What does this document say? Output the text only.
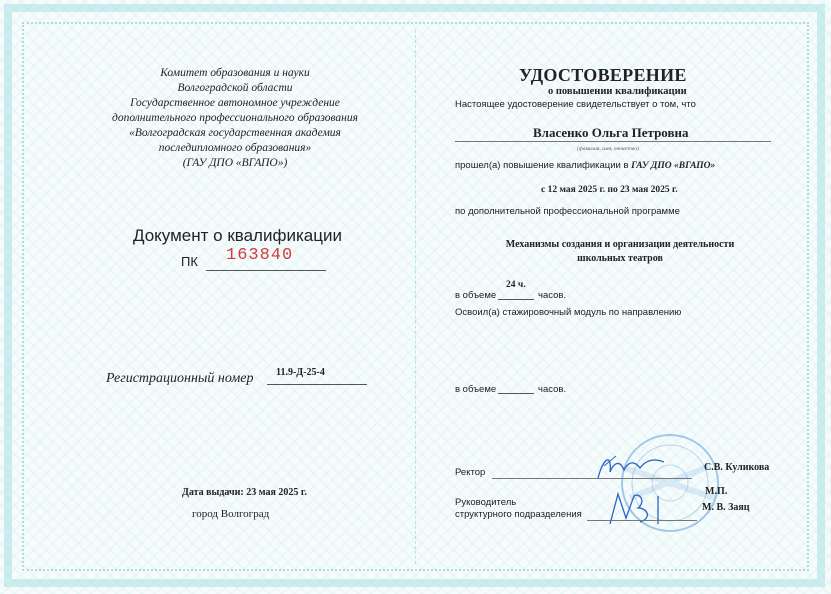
Комитет образования и науки
Волгоградской области
Государственное автономное учреждение
дополнительного профессионального образования
«Волгоградская государственная академия
последипломного образования»
(ГАУ ДПО «ВГАПО»)
Документ о квалификации
ПК 163840
Регистрационный номер 11.9-Д-25-4
Дата выдачи: 23 мая 2025 г.
город Волгоград
УДОСТОВЕРЕНИЕ
о повышении квалификации
Настоящее удостоверение свидетельствует о том, что
Власенко Ольга Петровна
(фамилия, имя, отчество)
прошел(а) повышение квалификации в ГАУ ДПО «ВГАПО»
с 12 мая 2025 г. по 23 мая 2025 г.
по дополнительной профессиональной программе
Механизмы создания и организации деятельности
школьных театров
в объеме
24 ч.
часов.
Освоил(а) стажировочный модуль по направлению
в объеме	часов.
Ректор	С.В. Куликова
М.П.
Руководитель
структурного подразделения
М. В. Заяц
